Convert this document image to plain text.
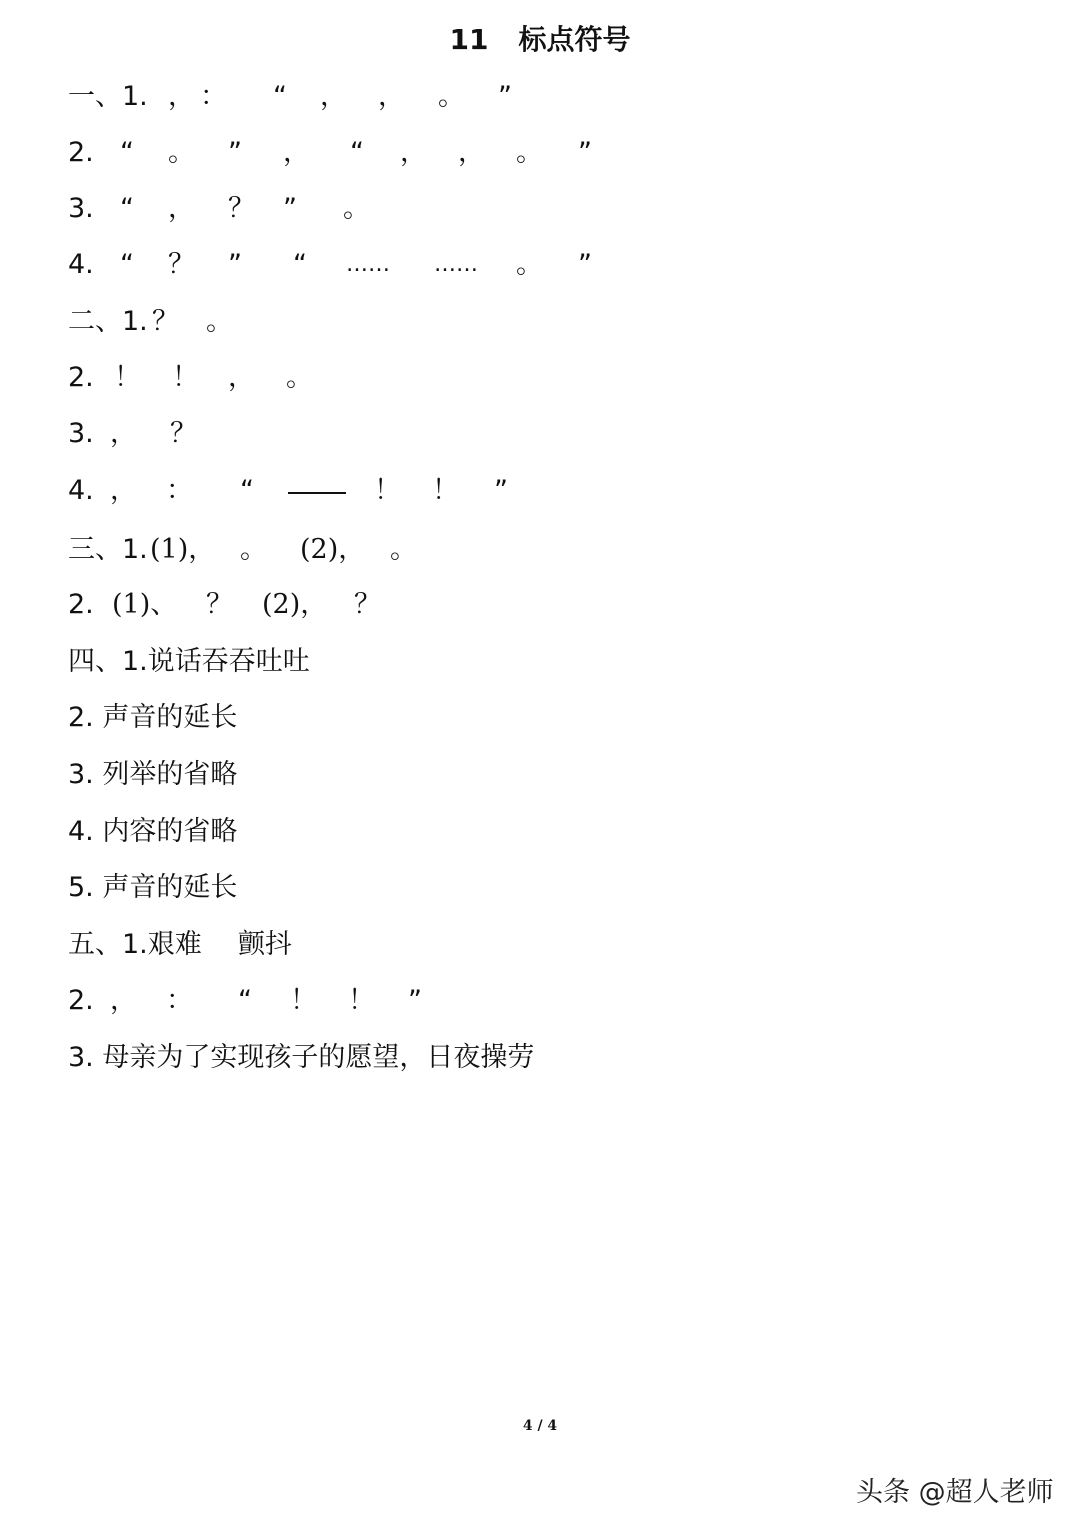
11 标点符号
一、1. ， ： “ ， ， 。 ”
2. “ 。 ” ， “ ， ， 。 ”
3. “ ， ？ ” 。
4. “ ？ ” “ …… …… 。 ”
二、1. ？ 。
2. ！ ！ ， 。
3. ， ？
4. ， ： “	！ ！ ”
三、1. (1)， 。 (2)， 。
2. (1)、 ？ (2)， ？
四、1.说话吞吞吐吐
2. 声音的延长
3. 列举的省略
4. 内容的省略
5. 声音的延长
五、1.艰难 颤抖
2. ， ： “ ！ ！ ”
3. 母亲为了实现孩子的愿望，日夜操劳
4 / 4
头条 @超人老师
